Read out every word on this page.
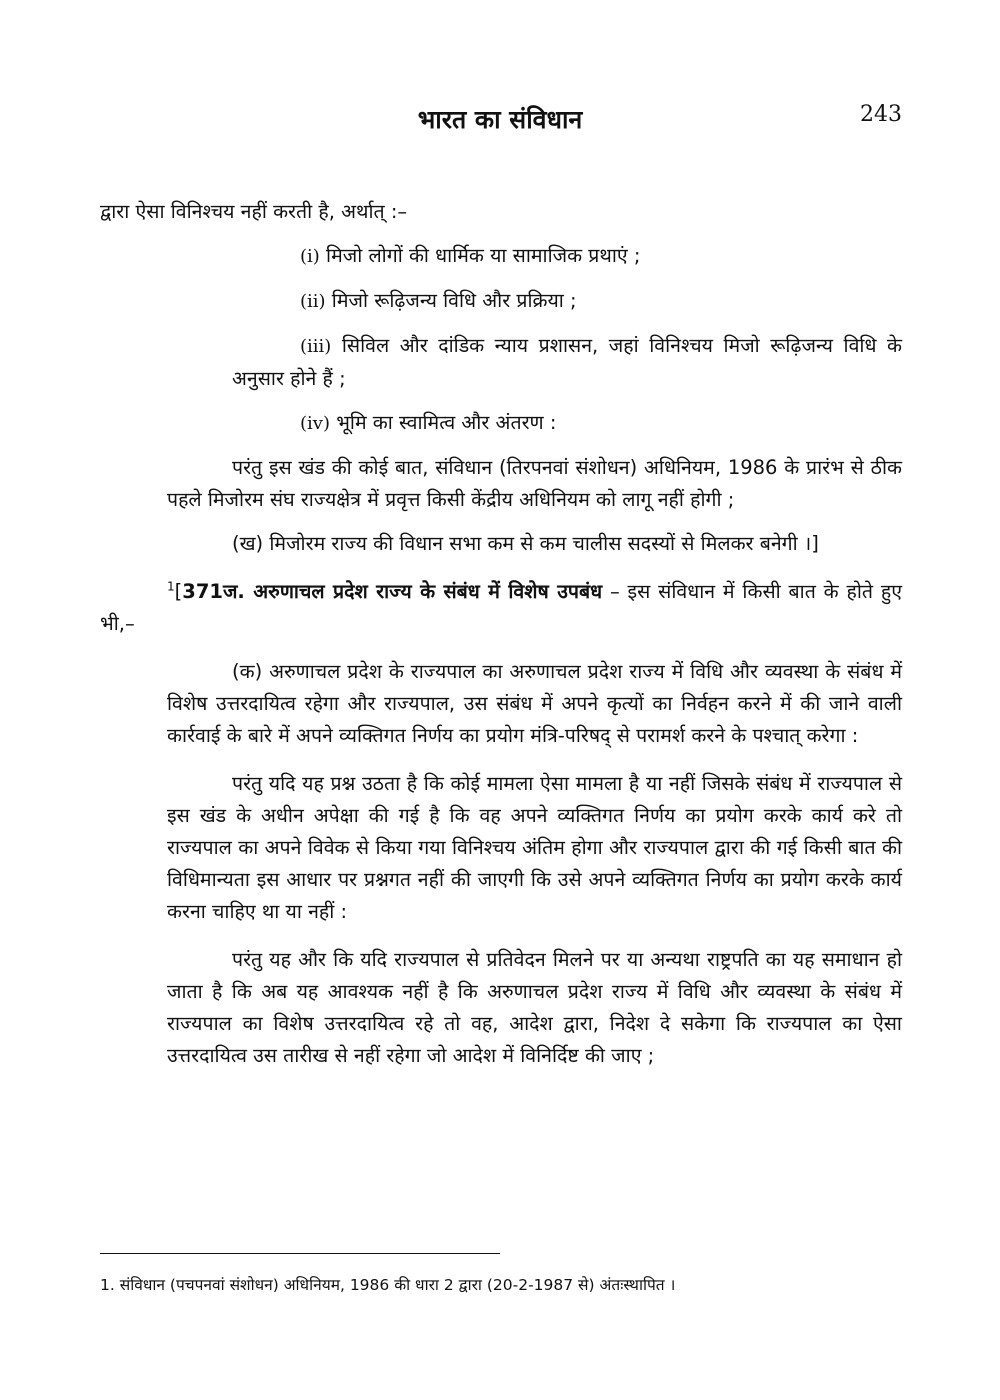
भारत का संविधान	243

द्वारा ऐसा विनिश्चय नहीं करती है, अर्थात् :–

(i) मिजो लोगों की धार्मिक या सामाजिक प्रथाएं ;

(ii) मिजो रूढ़िजन्य विधि और प्रक्रिया ;

(iii) सिविल और दांडिक न्याय प्रशासन, जहां विनिश्चय मिजो रूढ़िजन्य विधि के अनुसार होने हैं ;

(iv) भूमि का स्वामित्व और अंतरण :

परंतु इस खंड की कोई बात, संविधान (तिरपनवां संशोधन) अधिनियम, 1986 के प्रारंभ से ठीक पहले मिजोरम संघ राज्यक्षेत्र में प्रवृत्त किसी केंद्रीय अधिनियम को लागू नहीं होगी ;

(ख) मिजोरम राज्य की विधान सभा कम से कम चालीस सदस्यों से मिलकर बनेगी ।]

$^1$[371ज. अरुणाचल प्रदेश राज्य के संबंध में विशेष उपबंध – इस संविधान में किसी बात के होते हुए भी,–

(क) अरुणाचल प्रदेश के राज्यपाल का अरुणाचल प्रदेश राज्य में विधि और व्यवस्था के संबंध में विशेष उत्तरदायित्व रहेगा और राज्यपाल, उस संबंध में अपने कृत्यों का निर्वहन करने में की जाने वाली कार्रवाई के बारे में अपने व्यक्तिगत निर्णय का प्रयोग मंत्रि-परिषद् से परामर्श करने के पश्चात् करेगा :

परंतु यदि यह प्रश्न उठता है कि कोई मामला ऐसा मामला है या नहीं जिसके संबंध में राज्यपाल से इस खंड के अधीन अपेक्षा की गई है कि वह अपने व्यक्तिगत निर्णय का प्रयोग करके कार्य करे तो राज्यपाल का अपने विवेक से किया गया विनिश्चय अंतिम होगा और राज्यपाल द्वारा की गई किसी बात की विधिमान्यता इस आधार पर प्रश्नगत नहीं की जाएगी कि उसे अपने व्यक्तिगत निर्णय का प्रयोग करके कार्य करना चाहिए था या नहीं :

परंतु यह और कि यदि राज्यपाल से प्रतिवेदन मिलने पर या अन्यथा राष्ट्रपति का यह समाधान हो जाता है कि अब यह आवश्यक नहीं है कि अरुणाचल प्रदेश राज्य में विधि और व्यवस्था के संबंध में राज्यपाल का विशेष उत्तरदायित्व रहे तो वह, आदेश द्वारा, निदेश दे सकेगा कि राज्यपाल का ऐसा उत्तरदायित्व उस तारीख से नहीं रहेगा जो आदेश में विनिर्दिष्ट की जाए ;

1. संविधान (पचपनवां संशोधन) अधिनियम, 1986 की धारा 2 द्वारा (20-2-1987 से) अंतःस्थापित ।
